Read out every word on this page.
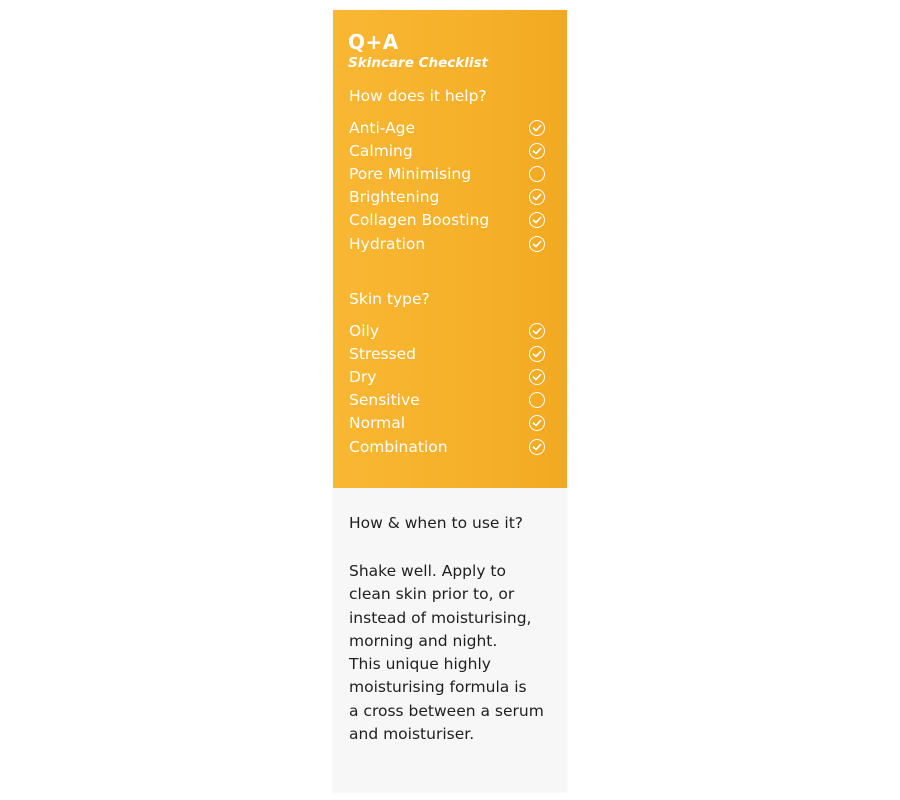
Q+A
Skincare Checklist
How does it help?
Anti-Age
Calming
Pore Minimising
Brightening
Collagen Boosting
Hydration
Skin type?
Oily
Stressed
Dry
Sensitive
Normal
Combination
How & when to use it?
Shake well. Apply to
clean skin prior to, or
instead of moisturising,
morning and night.
This unique highly
moisturising formula is
a cross between a serum
and moisturiser.
